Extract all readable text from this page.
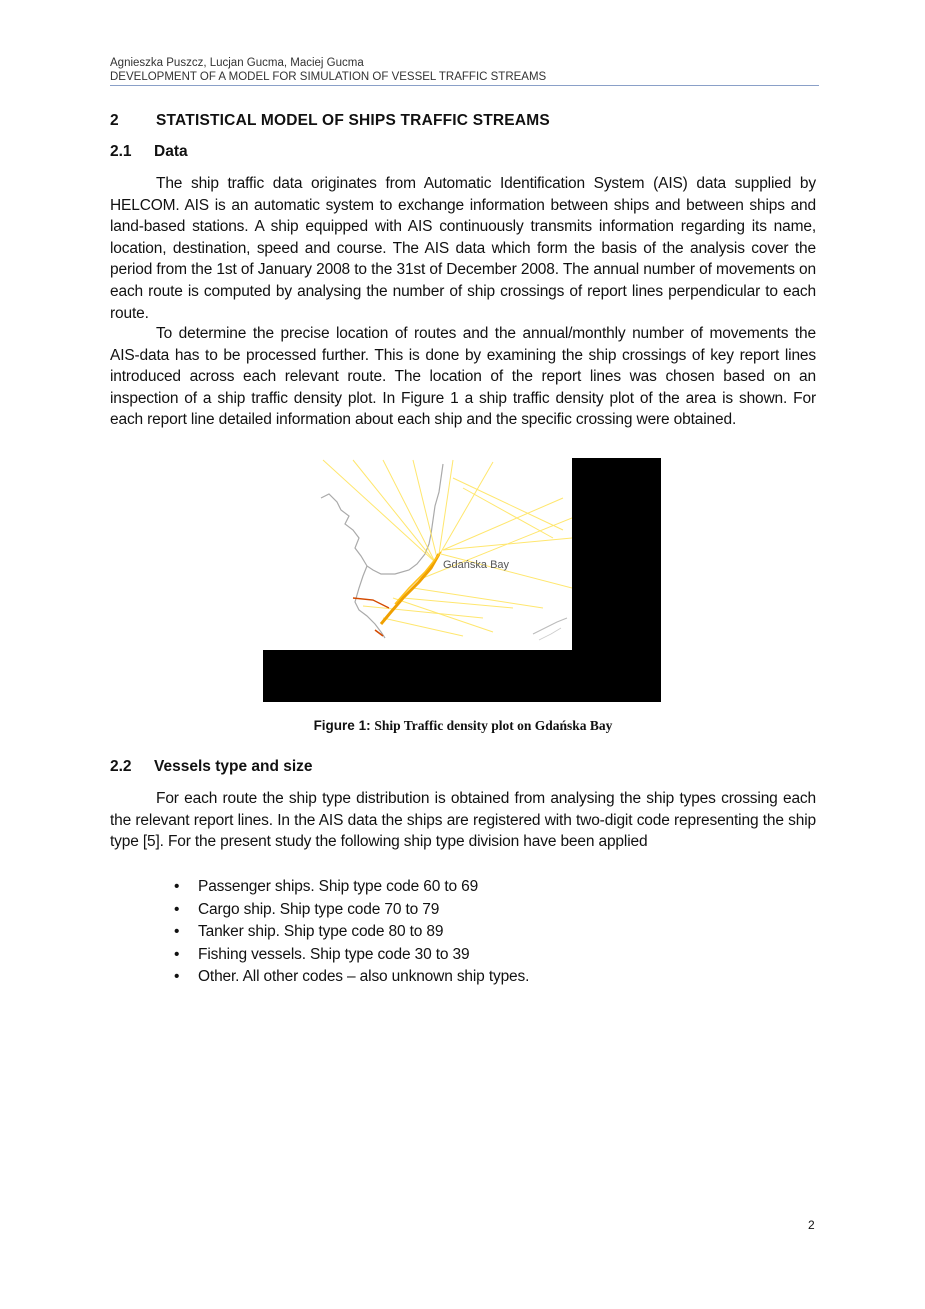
Agnieszka Puszcz, Lucjan Gucma, Maciej Gucma
DEVELOPMENT OF A MODEL FOR SIMULATION OF VESSEL TRAFFIC STREAMS
2 STATISTICAL MODEL OF SHIPS TRAFFIC STREAMS
2.1 Data

The ship traffic data originates from Automatic Identification System (AIS) data supplied by HELCOM. AIS is an automatic system to exchange information between ships and between ships and land-based stations. A ship equipped with AIS continuously transmits information regarding its name, location, destination, speed and course. The AIS data which form the basis of the analysis cover the period from the 1st of January 2008 to the 31st of December 2008. The annual number of movements on each route is computed by analysing the number of ship crossings of report lines perpendicular to each route.

To determine the precise location of routes and the annual/monthly number of movements the AIS-data has to be processed further. This is done by examining the ship crossings of key report lines introduced across each relevant route. The location of the report lines was chosen based on an inspection of a ship traffic density plot. In Figure 1 a ship traffic density plot of the area is shown. For each report line detailed information about each ship and the specific crossing were obtained.

Gdańska Bay
Figure 1: Ship Traffic density plot on Gdańska Bay
2.2 Vessels type and size

For each route the ship type distribution is obtained from analysing the ship types crossing each the relevant report lines. In the AIS data the ships are registered with two-digit code representing the ship type [5]. For the present study the following ship type division have been applied

• Passenger ships. Ship type code 60 to 69
• Cargo ship. Ship type code 70 to 79
• Tanker ship. Ship type code 80 to 89
• Fishing vessels. Ship type code 30 to 39
• Other. All other codes – also unknown ship types.
2
